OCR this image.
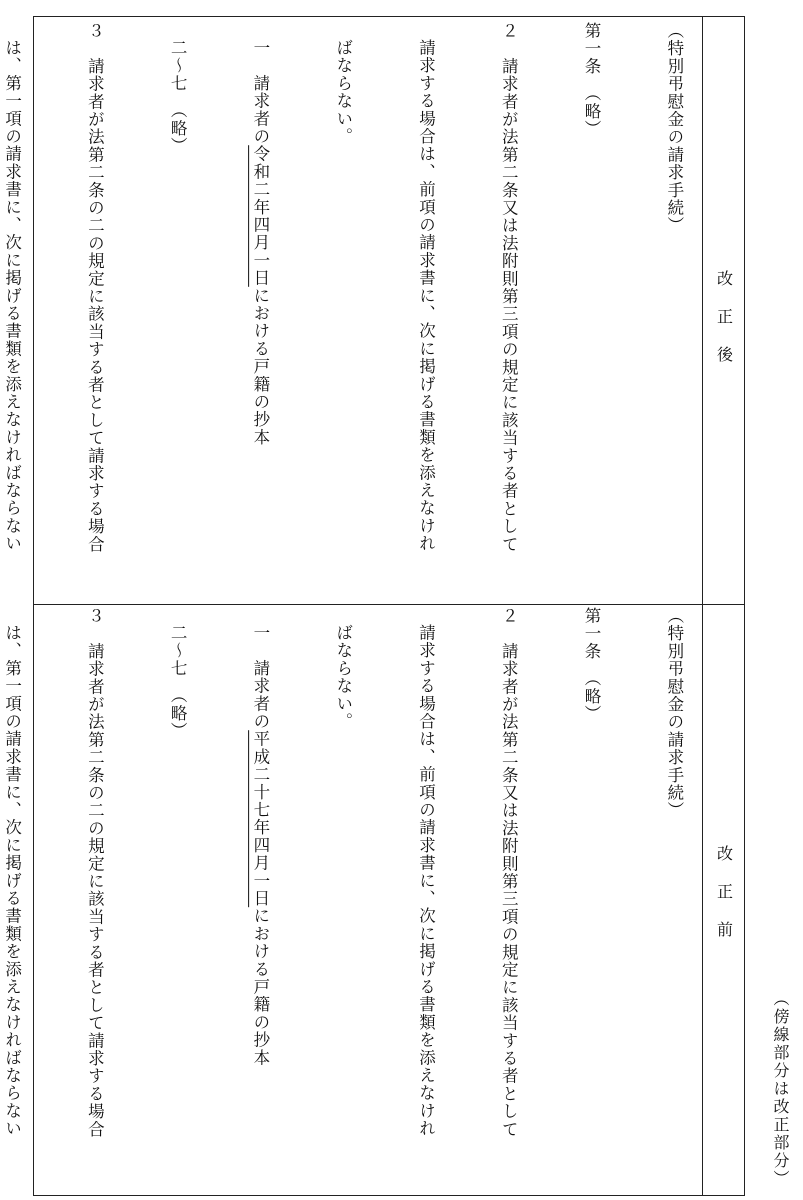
改正後
改正前

（特別弔慰金の請求手続）

第一条　（略）

２　請求者が法第二条又は法附則第三項の規定に該当する者として

請求する場合は、前項の請求書に、次に掲げる書類を添えなけれ

ばならない。

一　請求者の令和二年四月一日における戸籍の抄本

二～七　（略）

３　請求者が法第二条の二の規定に該当する者として請求する場合

は、第一項の請求書に、次に掲げる書類を添えなければならない

（特別弔慰金の請求手続）

第一条　（略）

２　請求者が法第二条又は法附則第三項の規定に該当する者として

請求する場合は、前項の請求書に、次に掲げる書類を添えなけれ

ばならない。

一　請求者の平成二十七年四月一日における戸籍の抄本

二～七　（略）

３　請求者が法第二条の二の規定に該当する者として請求する場合

は、第一項の請求書に、次に掲げる書類を添えなければならない

	（傍線部分は改正部分）
